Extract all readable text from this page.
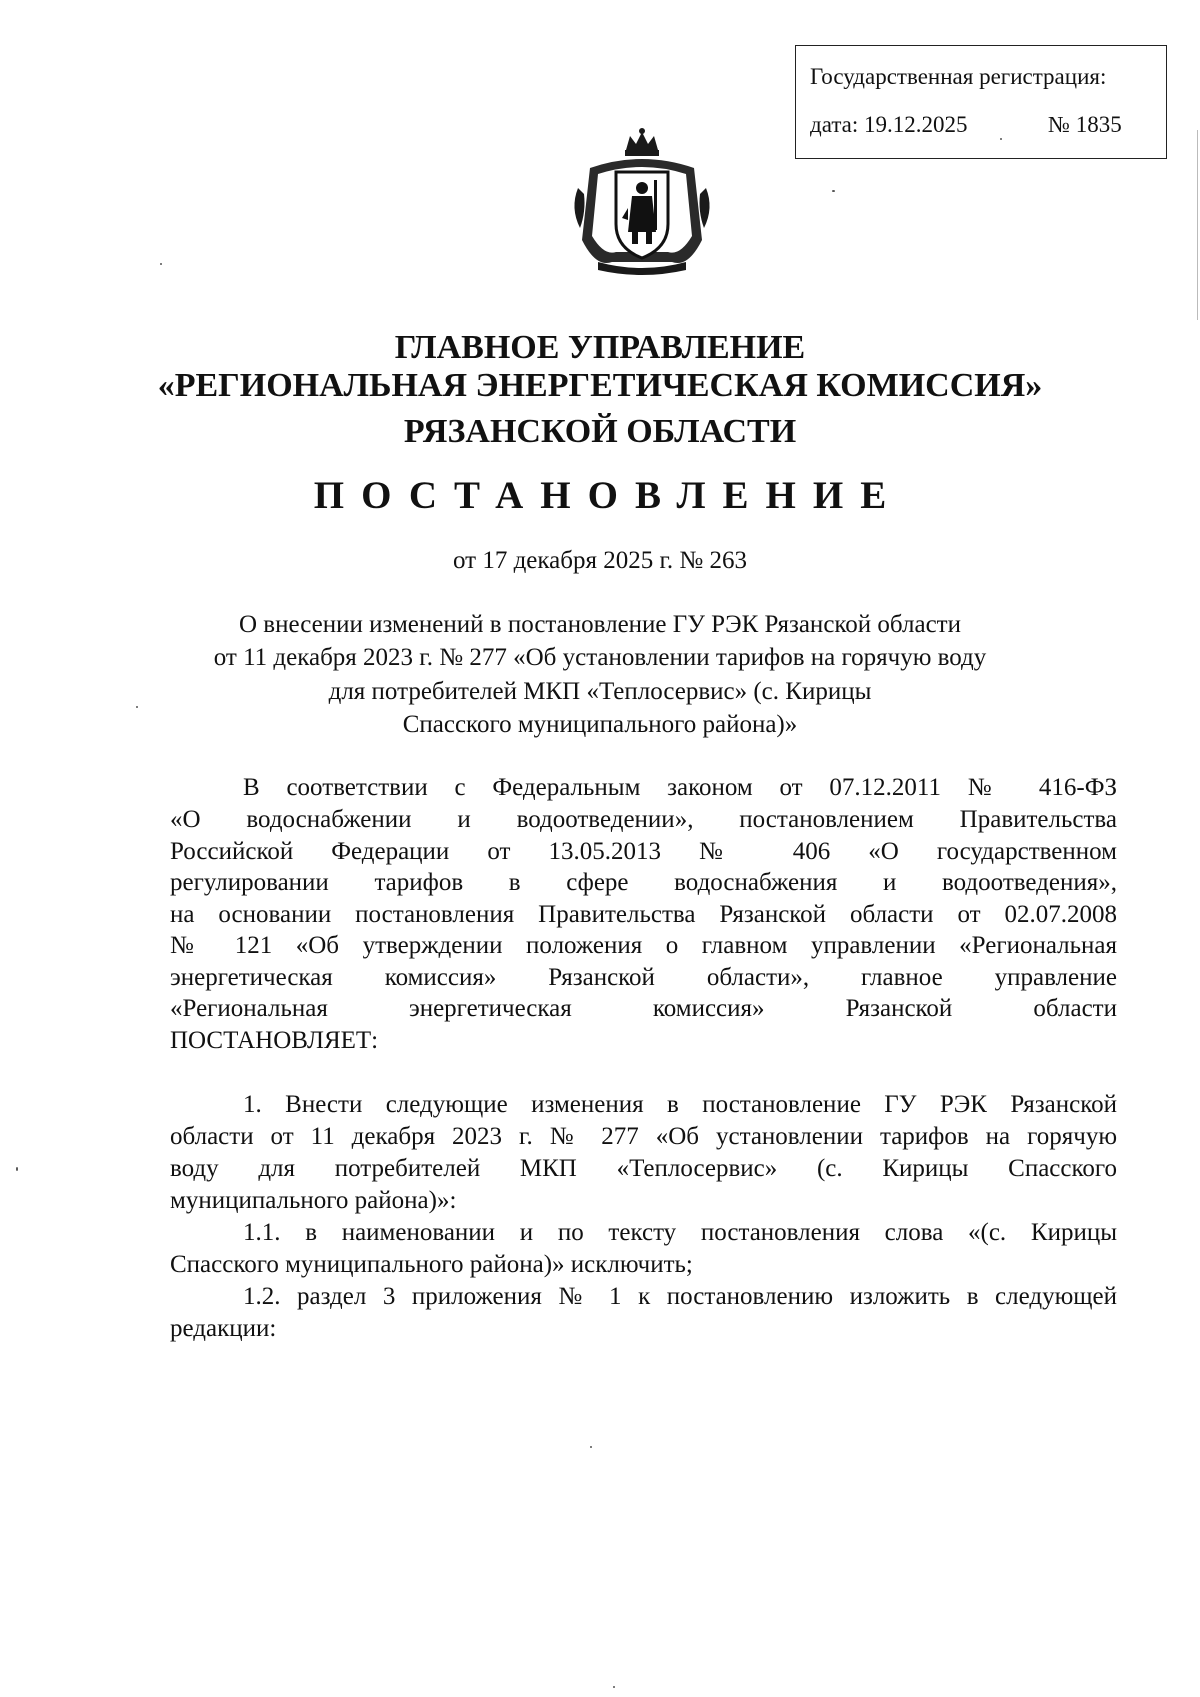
Государственная регистрация:
дата: 19.12.2025	№ 1835
ГЛАВНОЕ УПРАВЛЕНИЕ
«РЕГИОНАЛЬНАЯ ЭНЕРГЕТИЧЕСКАЯ КОМИССИЯ»
РЯЗАНСКОЙ ОБЛАСТИ
ПОСТАНОВЛЕНИЕ
от 17 декабря 2025 г. № 263
О внесении изменений в постановление ГУ РЭК Рязанской области
от 11 декабря 2023 г. № 277 «Об установлении тарифов на горячую воду
для потребителей МКП «Теплосервис» (с. Кирицы
Спасского муниципального района)»
В соответствии с Федеральным законом от 07.12.2011 № 416-ФЗ
«О водоснабжении и водоотведении», постановлением Правительства
Российской Федерации от 13.05.2013 № 406 «О государственном
регулировании тарифов в сфере водоснабжения и водоотведения»,
на основании постановления Правительства Рязанской области от 02.07.2008
№ 121 «Об утверждении положения о главном управлении «Региональная
энергетическая комиссия» Рязанской области», главное управление
«Региональная энергетическая комиссия» Рязанской области
ПОСТАНОВЛЯЕТ:
1. Внести следующие изменения в постановление ГУ РЭК Рязанской
области от 11 декабря 2023 г. № 277 «Об установлении тарифов на горячую
воду для потребителей МКП «Теплосервис» (с. Кирицы Спасского
муниципального района)»:
1.1. в наименовании и по тексту постановления слова «(с. Кирицы
Спасского муниципального района)» исключить;
1.2. раздел 3 приложения № 1 к постановлению изложить в следующей
редакции:
